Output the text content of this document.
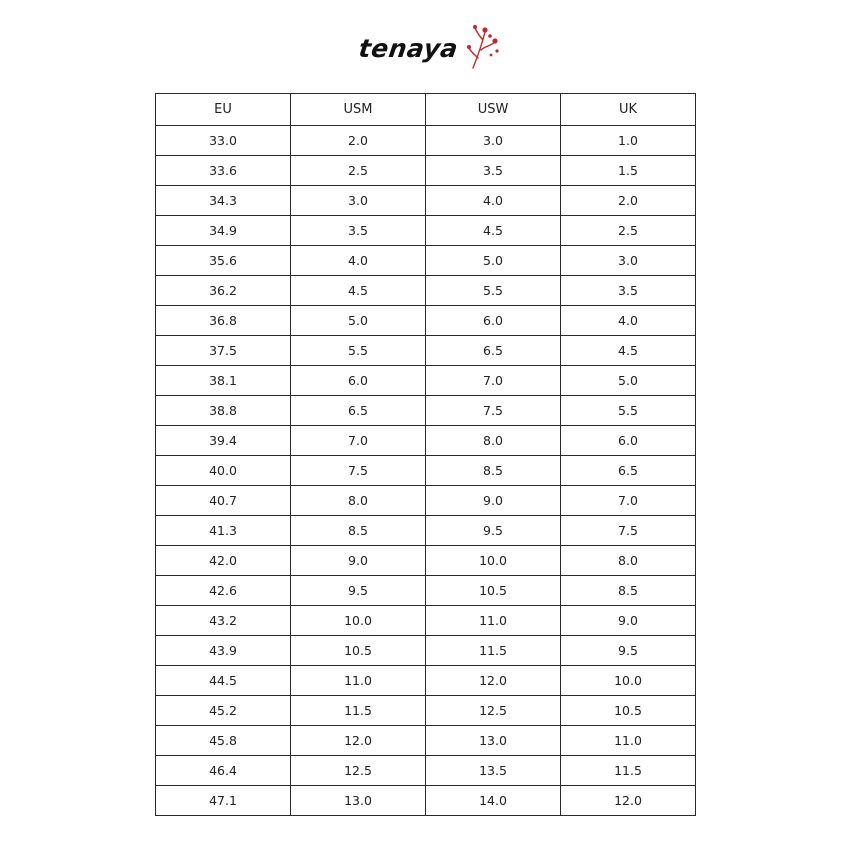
tenaya
EU	USM	USW	UK
33.0	2.0	3.0	1.0
33.6	2.5	3.5	1.5
34.3	3.0	4.0	2.0
34.9	3.5	4.5	2.5
35.6	4.0	5.0	3.0
36.2	4.5	5.5	3.5
36.8	5.0	6.0	4.0
37.5	5.5	6.5	4.5
38.1	6.0	7.0	5.0
38.8	6.5	7.5	5.5
39.4	7.0	8.0	6.0
40.0	7.5	8.5	6.5
40.7	8.0	9.0	7.0
41.3	8.5	9.5	7.5
42.0	9.0	10.0	8.0
42.6	9.5	10.5	8.5
43.2	10.0	11.0	9.0
43.9	10.5	11.5	9.5
44.5	11.0	12.0	10.0
45.2	11.5	12.5	10.5
45.8	12.0	13.0	11.0
46.4	12.5	13.5	11.5
47.1	13.0	14.0	12.0
